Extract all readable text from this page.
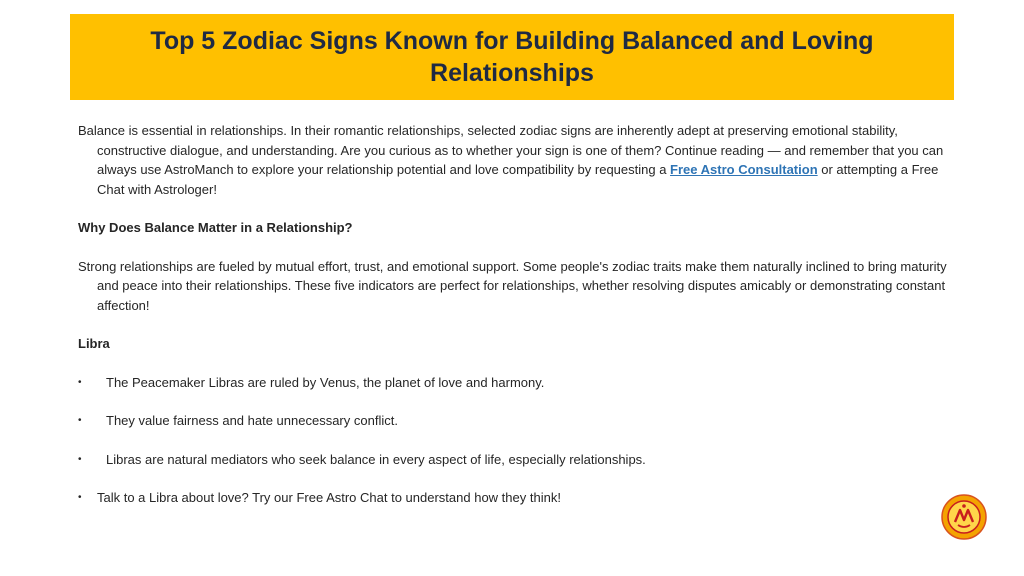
Top 5 Zodiac Signs Known for Building Balanced and Loving Relationships

Balance is essential in relationships. In their romantic relationships, selected zodiac signs are inherently adept at preserving emotional stability, constructive dialogue, and understanding. Are you curious as to whether your sign is one of them? Continue reading — and remember that you can always use AstroManch to explore your relationship potential and love compatibility by requesting a Free Astro Consultation or attempting a Free Chat with Astrologer!

Why Does Balance Matter in a Relationship?

Strong relationships are fueled by mutual effort, trust, and emotional support. Some people's zodiac traits make them naturally inclined to bring maturity and peace into their relationships. These five indicators are perfect for relationships, whether resolving disputes amicably or demonstrating constant affection!

Libra

•	The Peacemaker Libras are ruled by Venus, the planet of love and harmony.
•	They value fairness and hate unnecessary conflict.
•	Libras are natural mediators who seek balance in every aspect of life, especially relationships.
•	Talk to a Libra about love? Try our Free Astro Chat to understand how they think!
